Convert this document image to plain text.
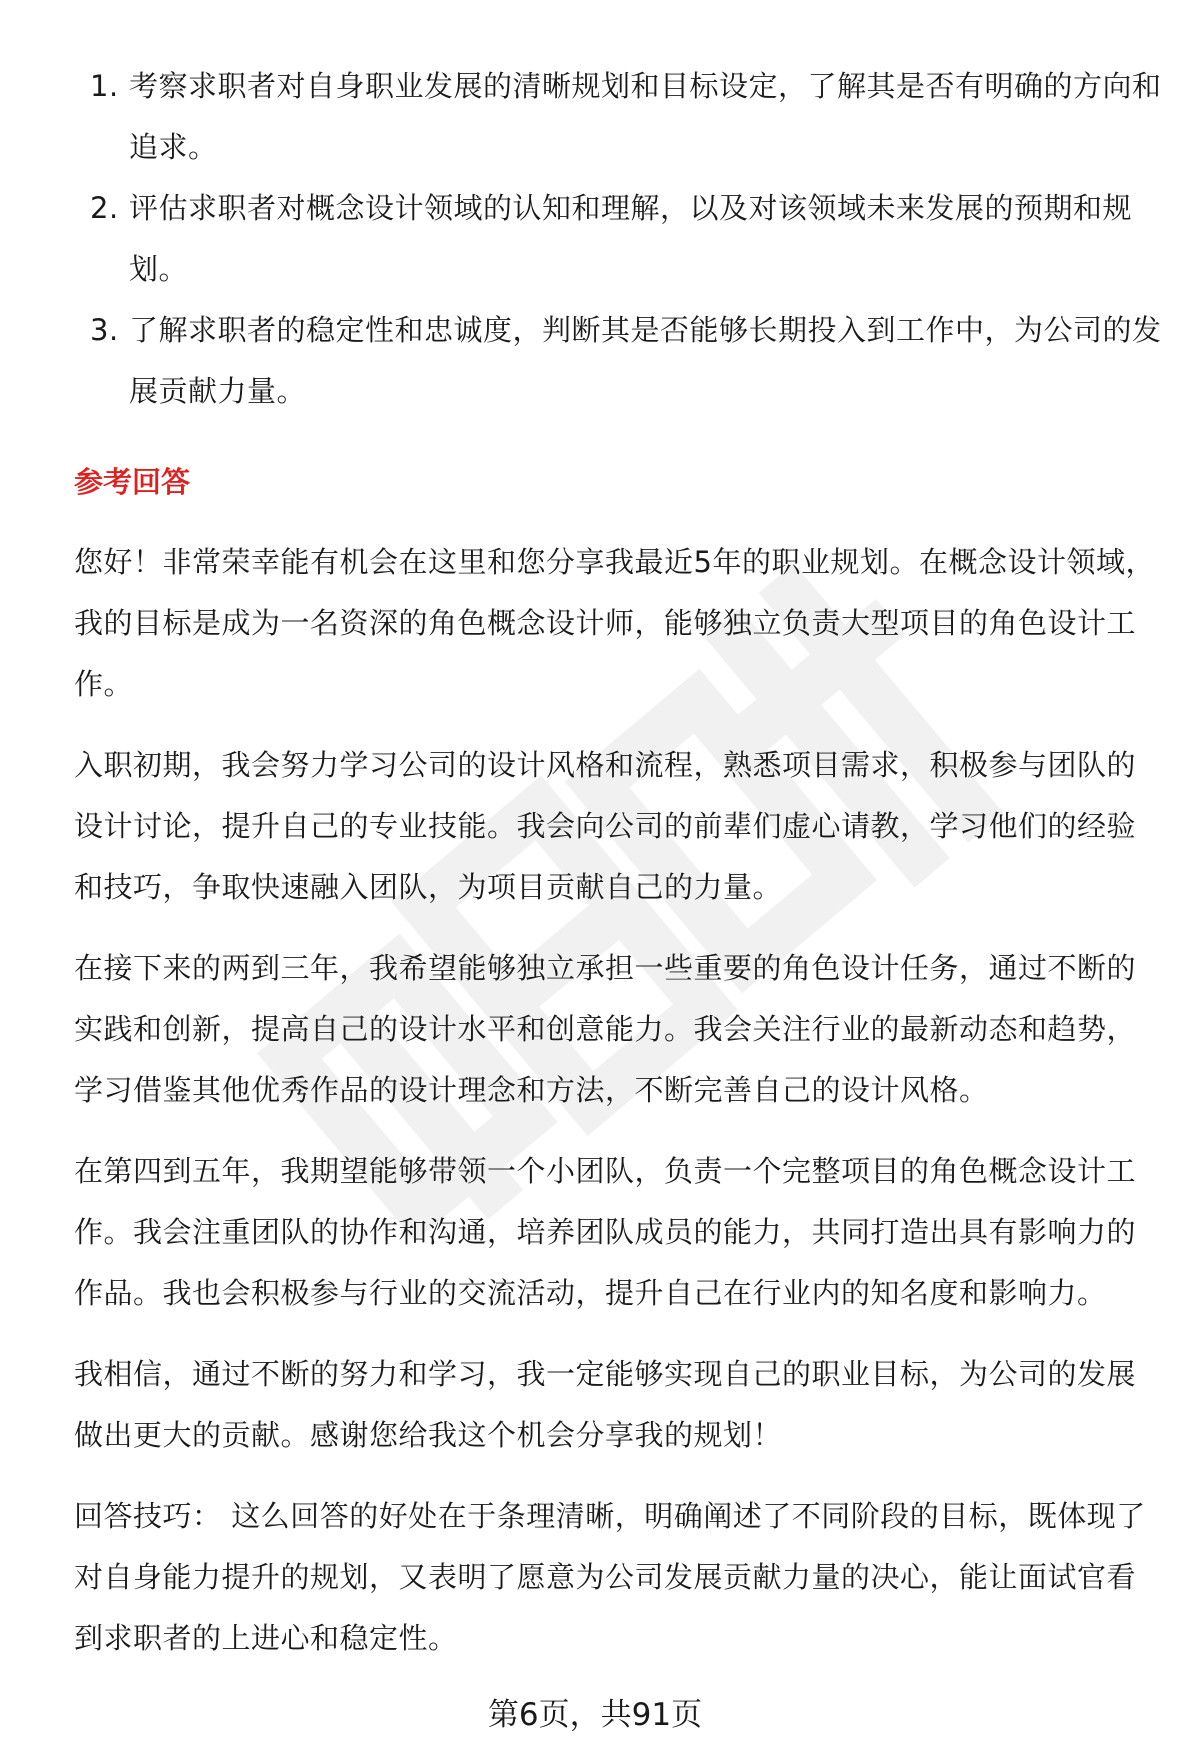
1. 考察求职者对自身职业发展的清晰规划和目标设定，了解其是否有明确的方向和追求。
2. 评估求职者对概念设计领域的认知和理解，以及对该领域未来发展的预期和规划。
3. 了解求职者的稳定性和忠诚度，判断其是否能够长期投入到工作中，为公司的发展贡献力量。
参考回答

您好！非常荣幸能有机会在这里和您分享我最近5年的职业规划。在概念设计领域，我的目标是成为一名资深的角色概念设计师，能够独立负责大型项目的角色设计工作。

入职初期，我会努力学习公司的设计风格和流程，熟悉项目需求，积极参与团队的设计讨论，提升自己的专业技能。我会向公司的前辈们虚心请教，学习他们的经验和技巧，争取快速融入团队，为项目贡献自己的力量。

在接下来的两到三年，我希望能够独立承担一些重要的角色设计任务，通过不断的实践和创新，提高自己的设计水平和创意能力。我会关注行业的最新动态和趋势，学习借鉴其他优秀作品的设计理念和方法，不断完善自己的设计风格。

在第四到五年，我期望能够带领一个小团队，负责一个完整项目的角色概念设计工作。我会注重团队的协作和沟通，培养团队成员的能力，共同打造出具有影响力的作品。我也会积极参与行业的交流活动，提升自己在行业内的知名度和影响力。

我相信，通过不断的努力和学习，我一定能够实现自己的职业目标，为公司的发展做出更大的贡献。感谢您给我这个机会分享我的规划！

回答技巧： 这么回答的好处在于条理清晰，明确阐述了不同阶段的目标，既体现了对自身能力提升的规划，又表明了愿意为公司发展贡献力量的决心，能让面试官看到求职者的上进心和稳定性。

第6页，共91页
